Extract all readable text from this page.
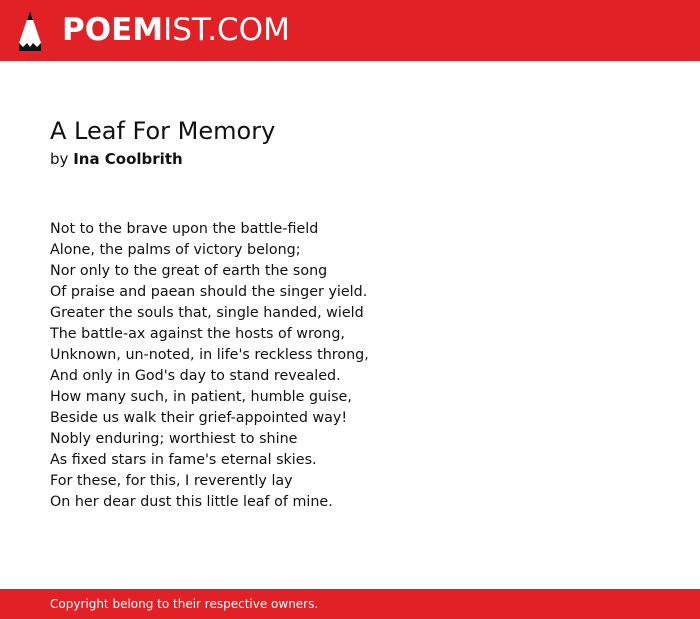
POEMIST.COM
A Leaf For Memory
by Ina Coolbrith
Not to the brave upon the battle-field
Alone, the palms of victory belong;
Nor only to the great of earth the song
Of praise and paean should the singer yield.
Greater the souls that, single handed, wield
The battle-ax against the hosts of wrong,
Unknown, un-noted, in life's reckless throng,
And only in God's day to stand revealed.
How many such, in patient, humble guise,
Beside us walk their grief-appointed way!
Nobly enduring; worthiest to shine
As fixed stars in fame's eternal skies.
For these, for this, I reverently lay
On her dear dust this little leaf of mine.
Copyright belong to their respective owners.
